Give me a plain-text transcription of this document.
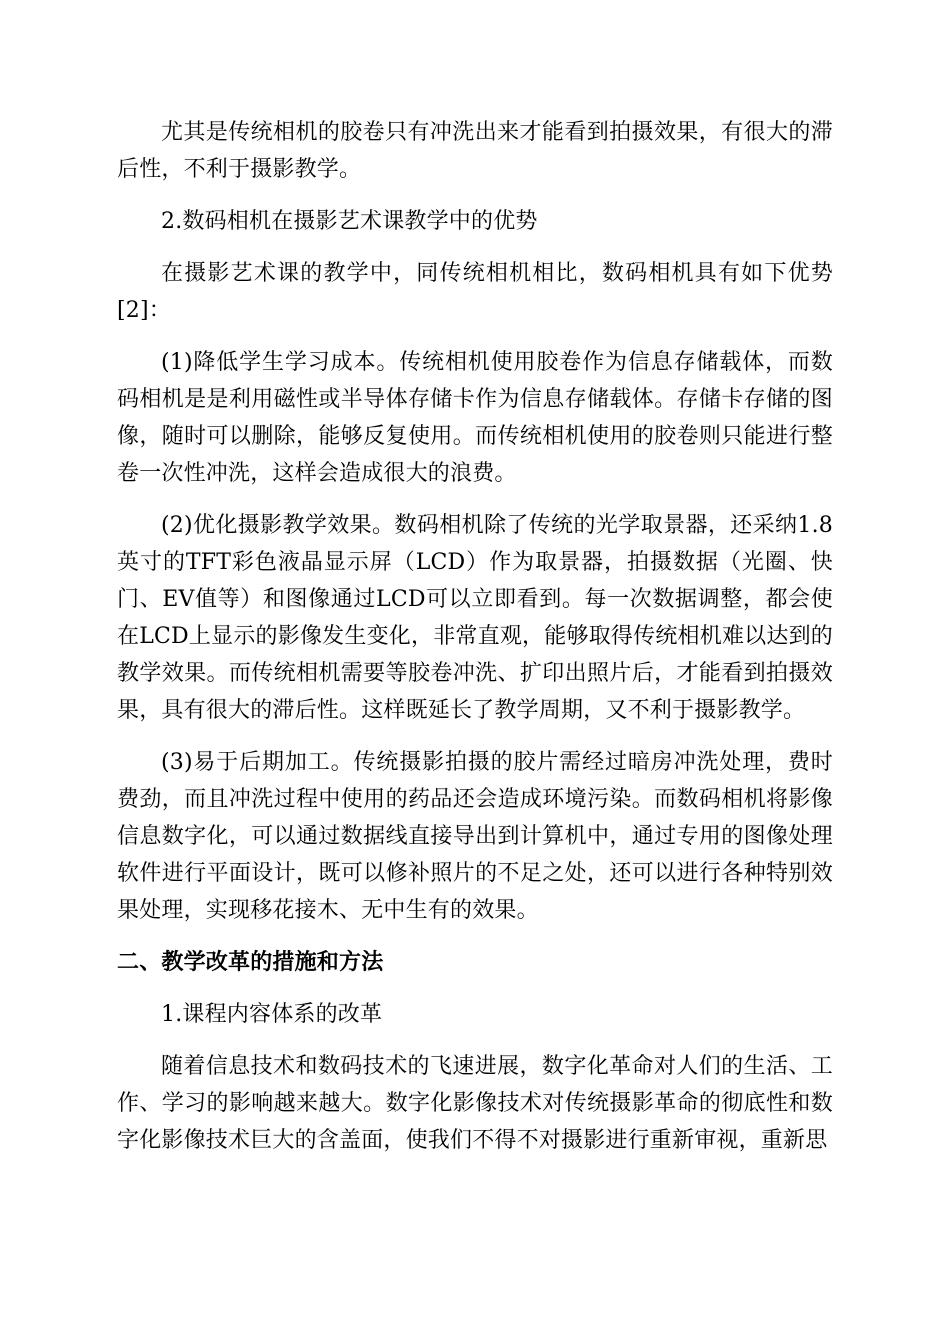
尤其是传统相机的胶卷只有冲洗出来才能看到拍摄效果，有很大的滞后性，不利于摄影教学。

2.数码相机在摄影艺术课教学中的优势

在摄影艺术课的教学中，同传统相机相比，数码相机具有如下优势[2]：

(1)降低学生学习成本。传统相机使用胶卷作为信息存储载体，而数码相机是是利用磁性或半导体存储卡作为信息存储载体。存储卡存储的图像，随时可以删除，能够反复使用。而传统相机使用的胶卷则只能进行整卷一次性冲洗，这样会造成很大的浪费。

(2)优化摄影教学效果。数码相机除了传统的光学取景器，还采纳1.8英寸的TFT彩色液晶显示屏（LCD）作为取景器，拍摄数据（光圈、快门、EV值等）和图像通过LCD可以立即看到。每一次数据调整，都会使在LCD上显示的影像发生变化，非常直观，能够取得传统相机难以达到的教学效果。而传统相机需要等胶卷冲洗、扩印出照片后，才能看到拍摄效果，具有很大的滞后性。这样既延长了教学周期，又不利于摄影教学。

(3)易于后期加工。传统摄影拍摄的胶片需经过暗房冲洗处理，费时费劲，而且冲洗过程中使用的药品还会造成环境污染。而数码相机将影像信息数字化，可以通过数据线直接导出到计算机中，通过专用的图像处理软件进行平面设计，既可以修补照片的不足之处，还可以进行各种特别效果处理，实现移花接木、无中生有的效果。

二、教学改革的措施和方法

1.课程内容体系的改革

随着信息技术和数码技术的飞速进展，数字化革命对人们的生活、工作、学习的影响越来越大。数字化影像技术对传统摄影革命的彻底性和数字化影像技术巨大的含盖面，使我们不得不对摄影进行重新审视，重新思
